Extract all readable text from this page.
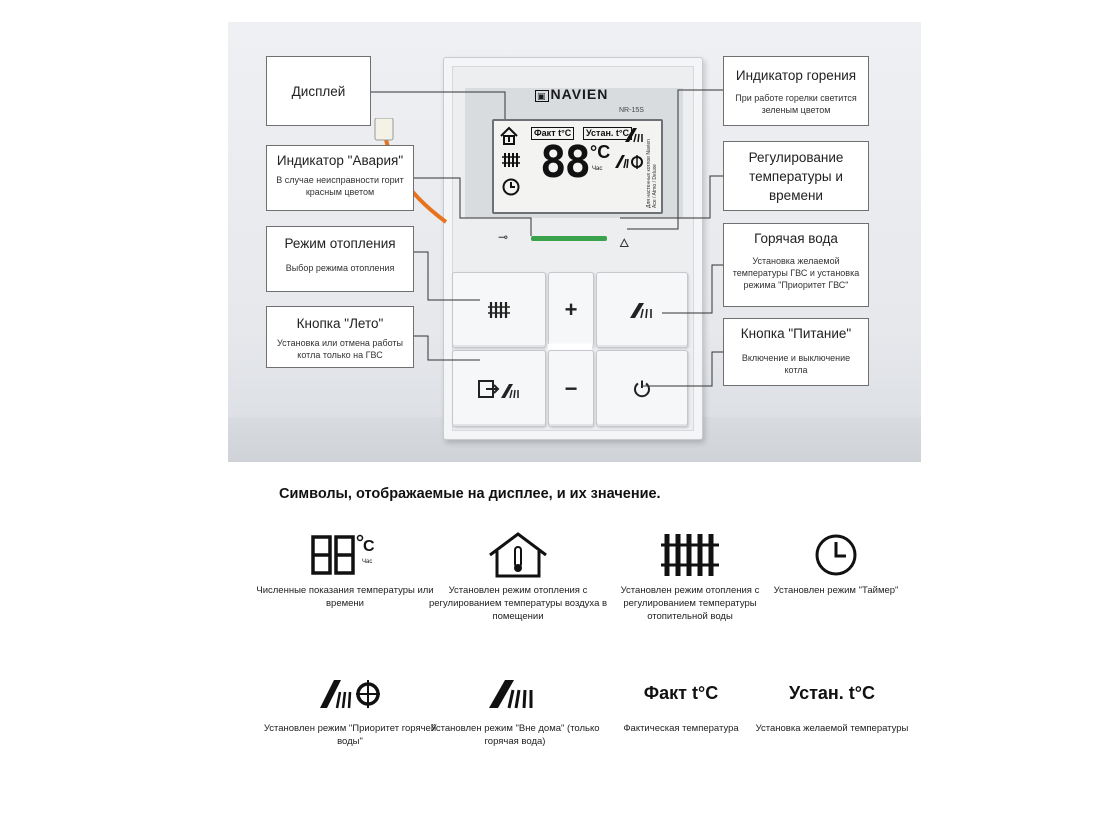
▣ NAVIEN
NR-15S
Факт t°C	Устан. t°C
88 °C
Час	Для настенных котлов Navien Ace / Atmo / Deluxe
⊸	🜂
+
−
Дисплей
Индикатор "Авария"
В случае неисправности горит красным цветом
Режим отопления
Выбор режима отопления
Кнопка "Лето"
Установка или отмена работы котла только на ГВС
Индикатор горения
При работе горелки светится зеленым цветом
Регулирование температуры и времени
Горячая вода
Установка желаемой температуры ГВС и установка режима "Приоритет ГВС"
Кнопка "Питание"
Включение и выключение котла
Символы, отображаемые на дисплее, и их значение.
C
Час
Численные показания температуры или времени
Установлен режим отопления с регулированием температуры воздуха в помещении
Установлен режим отопления с регулированием температуры отопительной воды
Установлен режим "Таймер"
Установлен режим "Приоритет горячей воды"
Установлен режим "Вне дома" (только горячая вода)
Факт t°C
Фактическая температура
Устан. t°C
Установка желаемой температуры
